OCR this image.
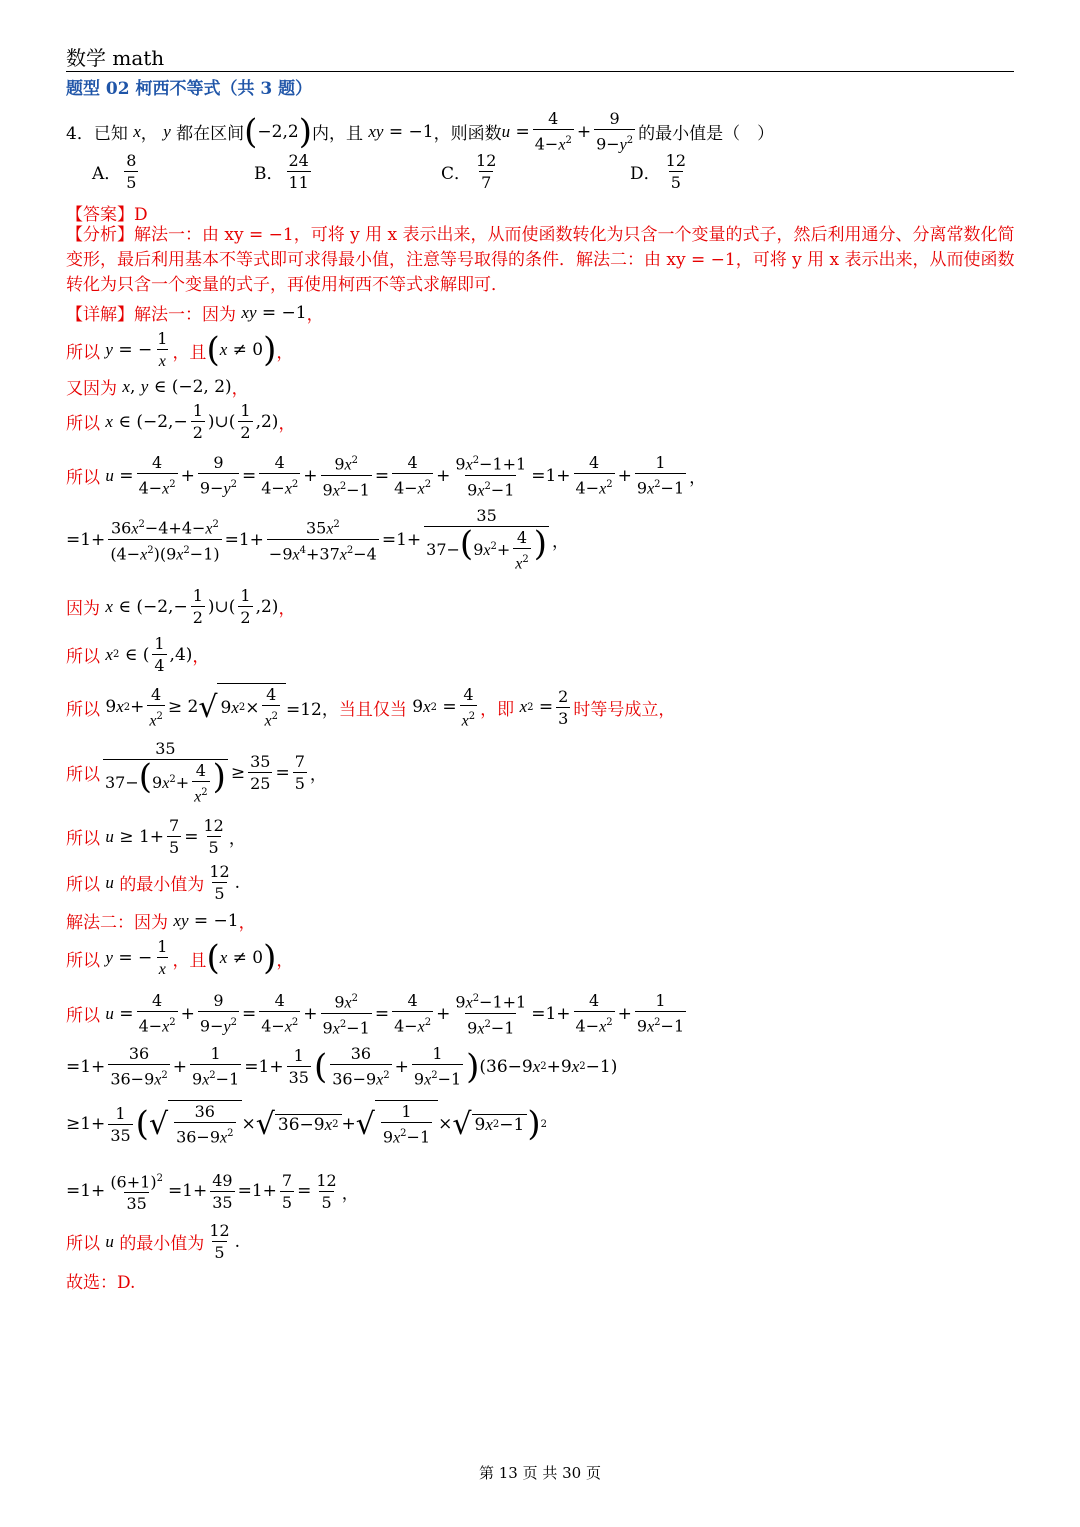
数学 math
题型 02 柯西不等式（共 3 题）
4． 已知
x ， y
都在区间 ( −2,2 ) 内，且
xy = −1 ，则函数 $u = \frac{4}{4-x^2} + \frac{9}{9-y^2}$ 的最小值是（　）
A． $\frac{8}{5}$	B． $\frac{24}{11}$	C． $\frac{12}{7}$	D． $\frac{12}{5}$
【答案】D
【分析】解法一：由 xy = −1，可将 y 用 x 表示出来，从而使函数转化为只含一个变量的式子，然后利用通分、分离常数化简变形，最后利用基本不等式即可求得最小值，注意等号取得的条件．解法二：由 xy = −1，可将 y 用 x 表示出来，从而使函数转化为只含一个变量的式子，再使用柯西不等式求解即可．
【详解】解法一：因为
xy = −1 ，
所以
y = − $\frac{1}{x}$ ，且 ( x ≠ 0 ) ，
又因为
x , y ∈ (−2, 2) ，
所以
x ∈ ($-2,- \frac{1}{2}$ )∪( $\frac{1}{2} ,2$) ，
所以
$u = \frac{4}{4-x^2} + \frac{9}{9-y^2} = \frac{4}{4-x^2} + \frac{9x^2}{9x^2-1} = \frac{4}{4-x^2} + \frac{9x^2-1+1}{9x^2-1} =1+ \frac{4}{4-x^2} + \frac{1}{9x^2-1}$ ，
$=1+ \frac{36x^2-4+4-x^2}{(4-x^2)(9x^2-1)} =1+ \frac{35x^2}{-9x^4+37x^2-4} =1+ \frac{35}{37-(9x^2+ \frac{4}{x^2} )}$ ，
因为
x ∈ ($-2,- \frac{1}{2}$ )∪( $\frac{1}{2} ,2$) ，
所以
x 2 ∈ ( $\frac{1}{4} ,4$) ，
所以 9 x $2 + \frac{4}{x^2} \ge 2$ √ 9 x $2 \times \frac{4}{x^2} =12$， 当且仅当 9 x $2 = \frac{4}{x^2}$ ，即
x $2 = \frac{2}{3}$ 时等号成立，
所以 $\frac{35}{37-(9x^2+ \frac{4}{x^2} )} \ge \frac{35}{25} = \frac{7}{5}$ ，
所以
$u \ge 1+ \frac{7}{5} = \frac{12}{5}$ ，
所以
u
的最小值为 $\frac{12}{5}$ .
解法二：因为
xy = −1 ，
所以
y = − $\frac{1}{x}$ ，且 ( x ≠ 0 ) ，
所以
$u = \frac{4}{4-x^2} + \frac{9}{9-y^2} = \frac{4}{4-x^2} + \frac{9x^2}{9x^2-1} = \frac{4}{4-x^2} + \frac{9x^2-1+1}{9x^2-1} =1+ \frac{4}{4-x^2} + \frac{1}{9x^2-1}$
$=1+ \frac{36}{36-9x^2} + \frac{1}{9x^2-1} =1+ \frac{1}{35}$ ( $\frac{36}{36-9x^2} + \frac{1}{9x^2-1}$ ) (36−9 x 2 +9 x 2 −1)
$\ge 1+ \frac{1}{35}$ ( √ $\frac{36}{36-9x^2}$ × √ 36−9 x 2 + √ $\frac{1}{9x^2-1}$ × √ 9 x 2 −1 ) 2
$=1+ \frac{(6+1)^2}{35} =1+ \frac{49}{35} =1+ \frac{7}{5} = \frac{12}{5}$ ，
所以
u
的最小值为 $\frac{12}{5}$ .
故选：D.
第 13 页 共 30 页
